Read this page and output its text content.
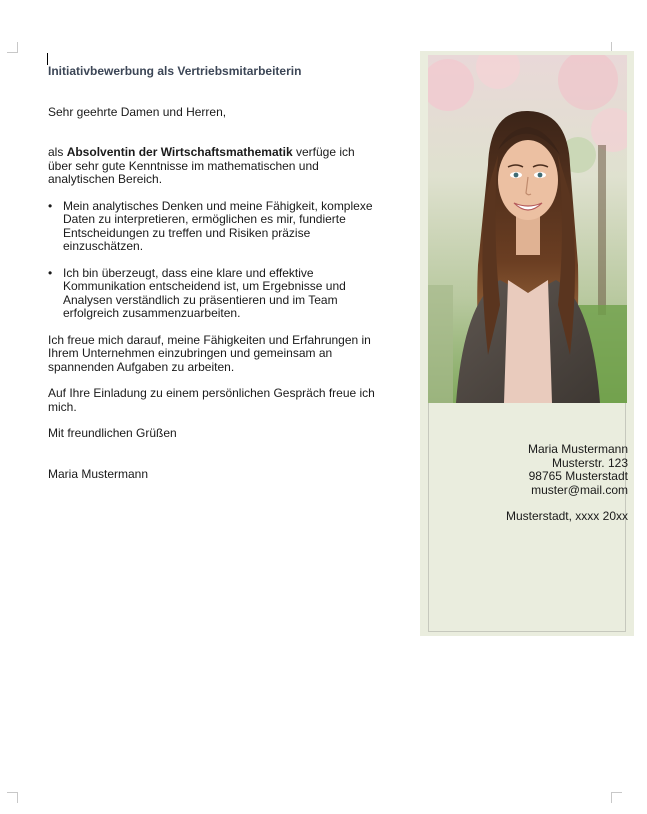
Initiativbewerbung als Vertriebsmitarbeiterin

Sehr geehrte Damen und Herren,

als Absolventin der Wirtschaftsmathematik verfüge ich über sehr gute Kenntnisse im mathematischen und analytischen Bereich.

• Mein analytisches Denken und meine Fähigkeit, komplexe Daten zu interpretieren, ermöglichen es mir, fundierte Entscheidungen zu treffen und Risiken präzise einzuschätzen.
• Ich bin überzeugt, dass eine klare und effektive Kommunikation entscheidend ist, um Ergebnisse und Analysen verständlich zu präsentieren und im Team erfolgreich zusammenzuarbeiten.

Ich freue mich darauf, meine Fähigkeiten und Erfahrungen in Ihrem Unternehmen einzubringen und gemeinsam an spannenden Aufgaben zu arbeiten.

Auf Ihre Einladung zu einem persönlichen Gespräch freue ich mich.

Mit freundlichen Grüßen

Maria Mustermann

Maria Mustermann
Musterstr. 123
98765 Musterstadt
muster@mail.com
Musterstadt, xxxx 20xx
